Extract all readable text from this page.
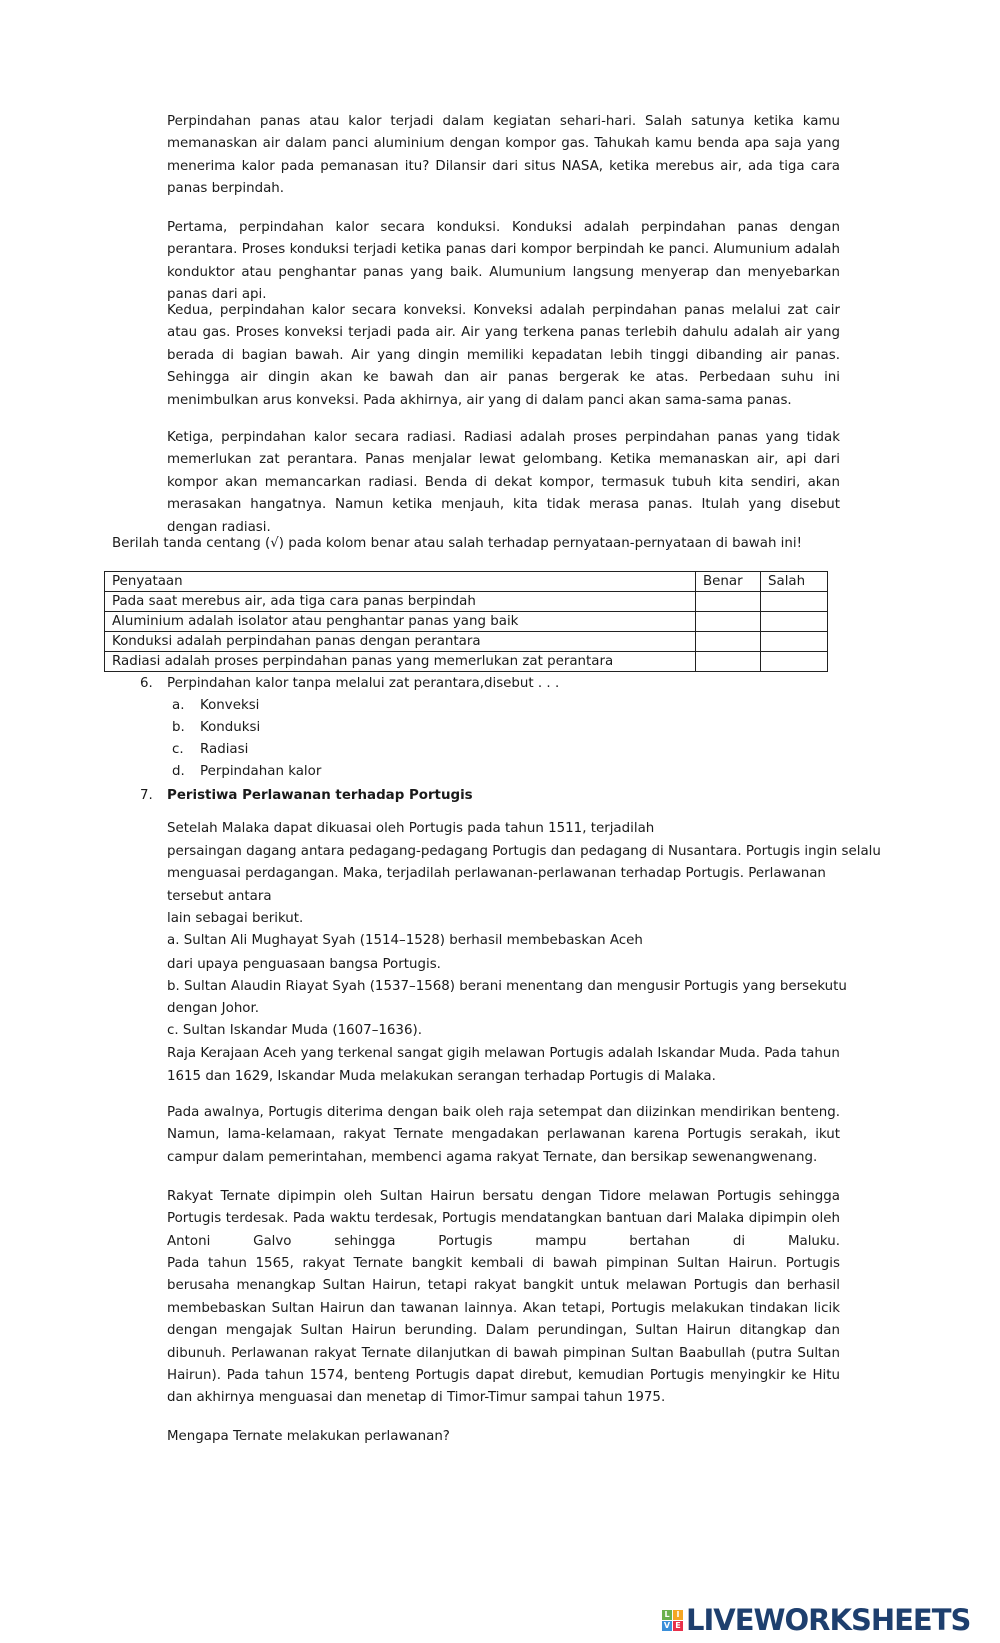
Perpindahan panas atau kalor terjadi dalam kegiatan sehari-hari. Salah satunya ketika kamu memanaskan air dalam panci aluminium dengan kompor gas. Tahukah kamu benda apa saja yang menerima kalor pada pemanasan itu? Dilansir dari situs NASA, ketika merebus air, ada tiga cara panas berpindah.
Pertama, perpindahan kalor secara konduksi. Konduksi adalah perpindahan panas dengan perantara. Proses konduksi terjadi ketika panas dari kompor berpindah ke panci. Alumunium adalah konduktor atau penghantar panas yang baik. Alumunium langsung menyerap dan menyebarkan panas dari api.
Kedua, perpindahan kalor secara konveksi. Konveksi adalah perpindahan panas melalui zat cair atau gas. Proses konveksi terjadi pada air. Air yang terkena panas terlebih dahulu adalah air yang berada di bagian bawah. Air yang dingin memiliki kepadatan lebih tinggi dibanding air panas. Sehingga air dingin akan ke bawah dan air panas bergerak ke atas. Perbedaan suhu ini menimbulkan arus konveksi. Pada akhirnya, air yang di dalam panci akan sama-sama panas.
Ketiga, perpindahan kalor secara radiasi. Radiasi adalah proses perpindahan panas yang tidak memerlukan zat perantara. Panas menjalar lewat gelombang. Ketika memanaskan air, api dari kompor akan memancarkan radiasi. Benda di dekat kompor, termasuk tubuh kita sendiri, akan merasakan hangatnya. Namun ketika menjauh, kita tidak merasa panas. Itulah yang disebut dengan radiasi.
Berilah tanda centang (√) pada kolom benar atau salah terhadap pernyataan-pernyataan di bawah ini!
Penyataan	Benar	Salah
Pada saat merebus air, ada tiga cara panas berpindah		
Aluminium adalah isolator atau penghantar panas yang baik		
Konduksi adalah perpindahan panas dengan perantara		
Radiasi adalah proses perpindahan panas yang memerlukan zat perantara		
6. Perpindahan kalor tanpa melalui zat perantara,disebut . . .
a. Konveksi
b. Konduksi
c. Radiasi
d. Perpindahan kalor
7. Peristiwa Perlawanan terhadap Portugis
Setelah Malaka dapat dikuasai oleh Portugis pada tahun 1511, terjadilah
persaingan dagang antara pedagang-pedagang Portugis dan pedagang di Nusantara. Portugis ingin selalu
menguasai perdagangan. Maka, terjadilah perlawanan-perlawanan terhadap Portugis. Perlawanan
tersebut antara
lain sebagai berikut.
a. Sultan Ali Mughayat Syah (1514–1528) berhasil membebaskan Aceh
dari upaya penguasaan bangsa Portugis.
b. Sultan Alaudin Riayat Syah (1537–1568) berani menentang dan mengusir Portugis yang bersekutu
dengan Johor.
c. Sultan Iskandar Muda (1607–1636).
Raja Kerajaan Aceh yang terkenal sangat gigih melawan Portugis adalah Iskandar Muda. Pada tahun
1615 dan 1629, Iskandar Muda melakukan serangan terhadap Portugis di Malaka.
Pada awalnya, Portugis diterima dengan baik oleh raja setempat dan diizinkan mendirikan benteng. Namun, lama-kelamaan, rakyat Ternate mengadakan perlawanan karena Portugis serakah, ikut campur dalam pemerintahan, membenci agama rakyat Ternate, dan bersikap sewenangwenang.
Rakyat Ternate dipimpin oleh Sultan Hairun bersatu dengan Tidore melawan Portugis sehingga Portugis terdesak. Pada waktu terdesak, Portugis mendatangkan bantuan dari Malaka dipimpin oleh Antoni Galvo sehingga Portugis mampu bertahan di Maluku.
Pada tahun 1565, rakyat Ternate bangkit kembali di bawah pimpinan Sultan Hairun. Portugis berusaha menangkap Sultan Hairun, tetapi rakyat bangkit untuk melawan Portugis dan berhasil membebaskan Sultan Hairun dan tawanan lainnya. Akan tetapi, Portugis melakukan tindakan licik dengan mengajak Sultan Hairun berunding. Dalam perundingan, Sultan Hairun ditangkap dan dibunuh. Perlawanan rakyat Ternate dilanjutkan di bawah pimpinan Sultan Baabullah (putra Sultan Hairun). Pada tahun 1574, benteng Portugis dapat direbut, kemudian Portugis menyingkir ke Hitu dan akhirnya menguasai dan menetap di Timor-Timur sampai tahun 1975.
Mengapa Ternate melakukan perlawanan?
L I
V E LIVEWORKSHEETS
